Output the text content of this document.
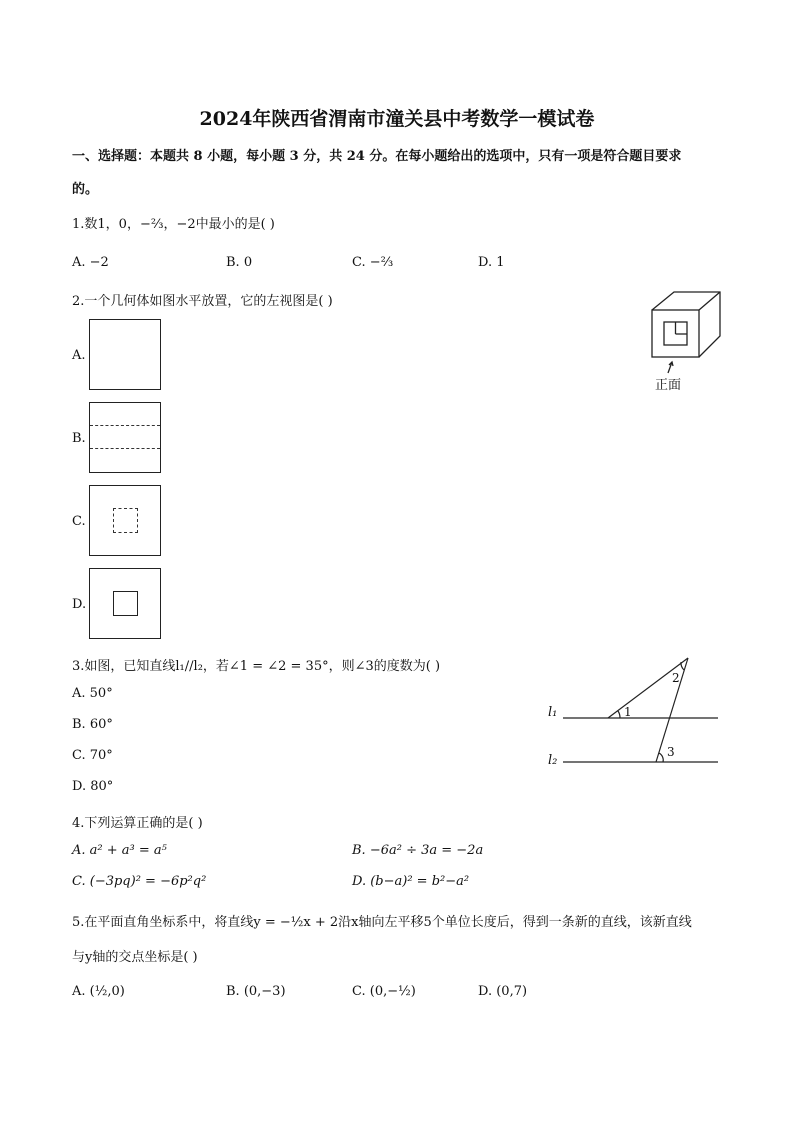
2024年陕西省渭南市潼关县中考数学一模试卷
一、选择题：本题共 8 小题，每小题 3 分，共 24 分。在每小题给出的选项中，只有一项是符合题目要求
的。
1.数1，0，−⅔，−2中最小的是( )
A. −2	B. 0	C. −⅔	D. 1
2.一个几何体如图水平放置，它的左视图是( )
正面
A.
B.
C.
D.
3.如图，已知直线l₁//l₂，若∠1 = ∠2 = 35°，则∠3的度数为( )
A. 50°
B. 60°
C. 70°
D. 80°
l₁
l₂
1
2
3
4.下列运算正确的是( )
A. a² + a³ = a⁵	B. −6a² ÷ 3a = −2a
C. (−3pq)² = −6p²q²	D. (b−a)² = b²−a²
5.在平面直角坐标系中，将直线y = −½x + 2沿x轴向左平移5个单位长度后，得到一条新的直线，该新直线
与y轴的交点坐标是( )
A. (½,0)	B. (0,−3)	C. (0,−½)	D. (0,7)
